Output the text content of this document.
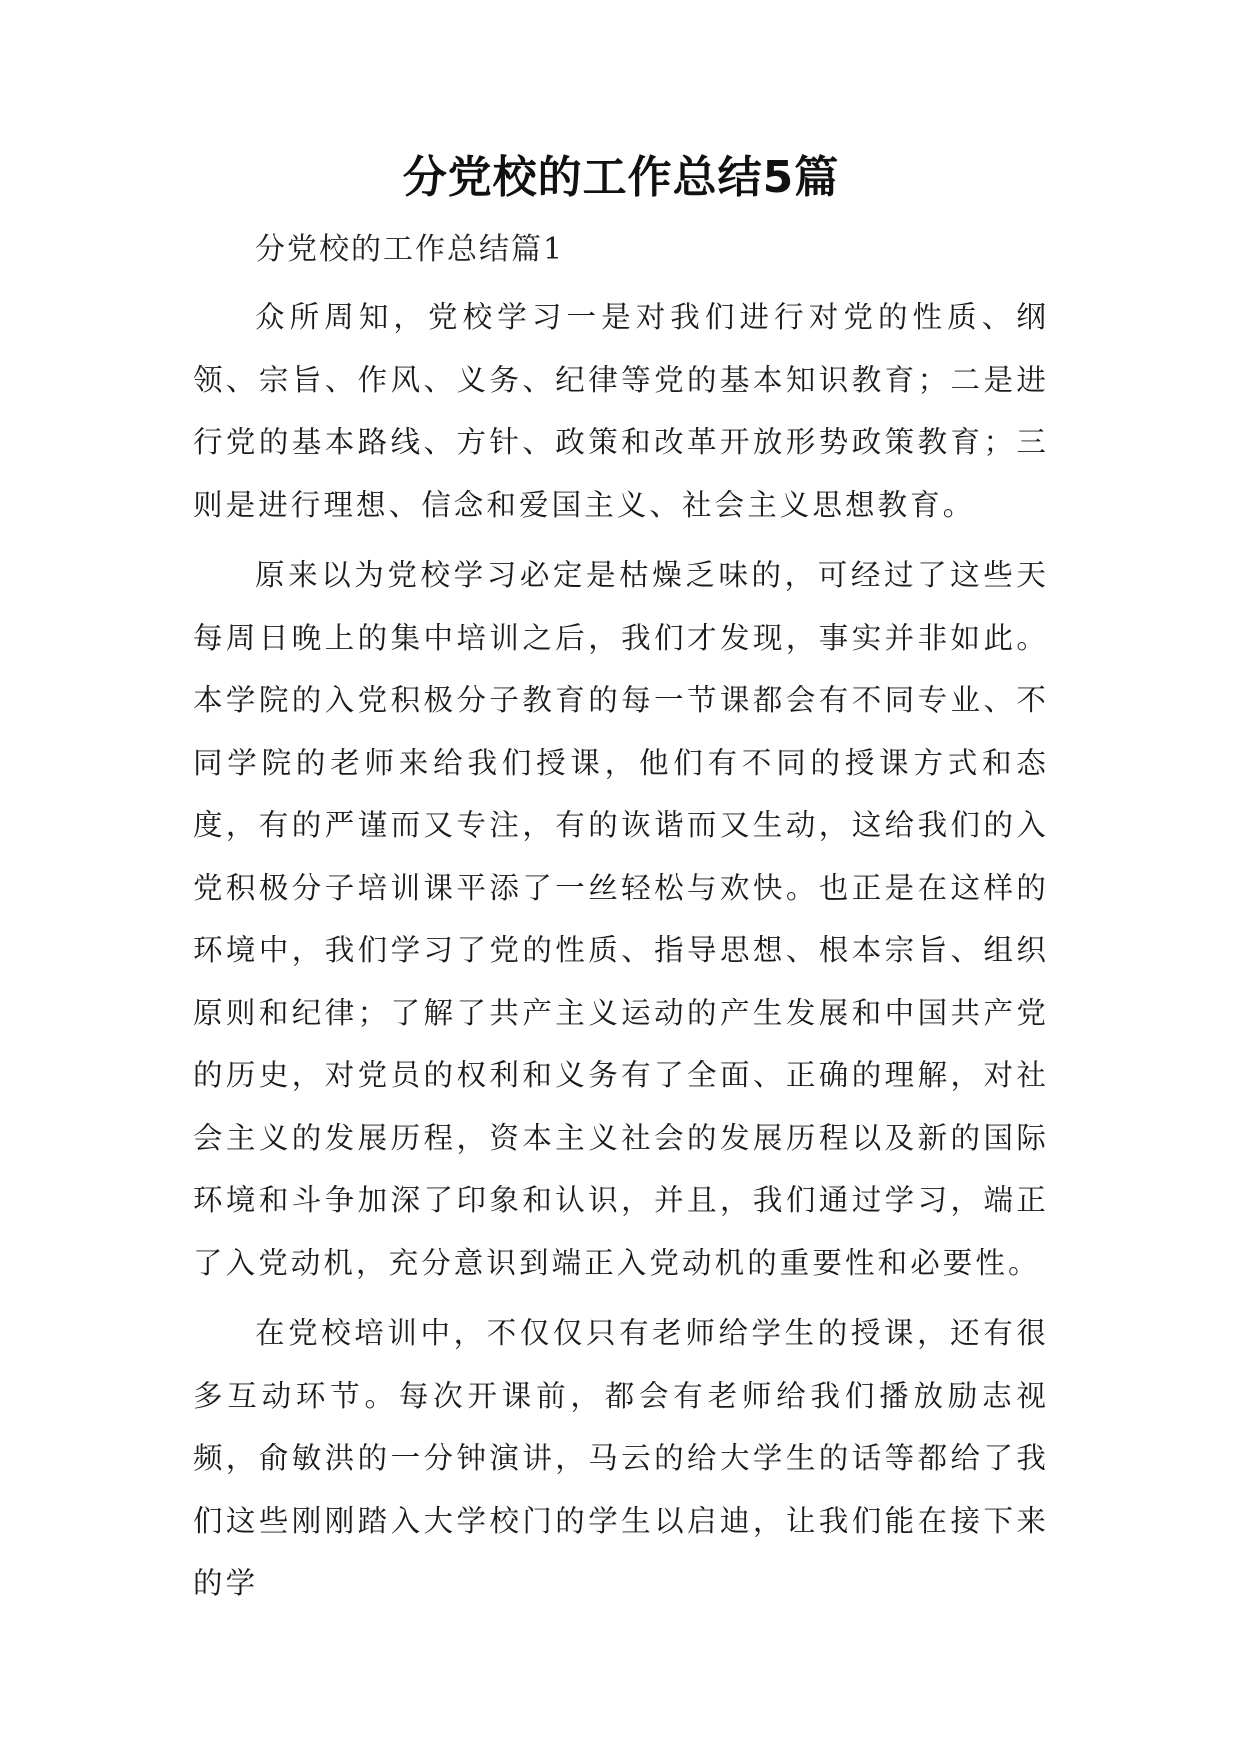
分党校的工作总结5篇
分党校的工作总结篇1

众所周知，党校学习一是对我们进行对党的性质、纲领、宗旨、作风、义务、纪律等党的基本知识教育；二是进行党的基本路线、方针、政策和改革开放形势政策教育；三则是进行理想、信念和爱国主义、社会主义思想教育。

原来以为党校学习必定是枯燥乏味的，可经过了这些天每周日晚上的集中培训之后，我们才发现，事实并非如此。本学院的入党积极分子教育的每一节课都会有不同专业、不同学院的老师来给我们授课，他们有不同的授课方式和态度，有的严谨而又专注，有的诙谐而又生动，这给我们的入党积极分子培训课平添了一丝轻松与欢快。也正是在这样的环境中，我们学习了党的性质、指导思想、根本宗旨、组织原则和纪律；了解了共产主义运动的产生发展和中国共产党的历史，对党员的权利和义务有了全面、正确的理解，对社会主义的发展历程，资本主义社会的发展历程以及新的国际环境和斗争加深了印象和认识，并且，我们通过学习，端正了入党动机，充分意识到端正入党动机的重要性和必要性。

在党校培训中，不仅仅只有老师给学生的授课，还有很多互动环节。每次开课前，都会有老师给我们播放励志视频，俞敏洪的一分钟演讲，马云的给大学生的话等都给了我们这些刚刚踏入大学校门的学生以启迪，让我们能在接下来的学
